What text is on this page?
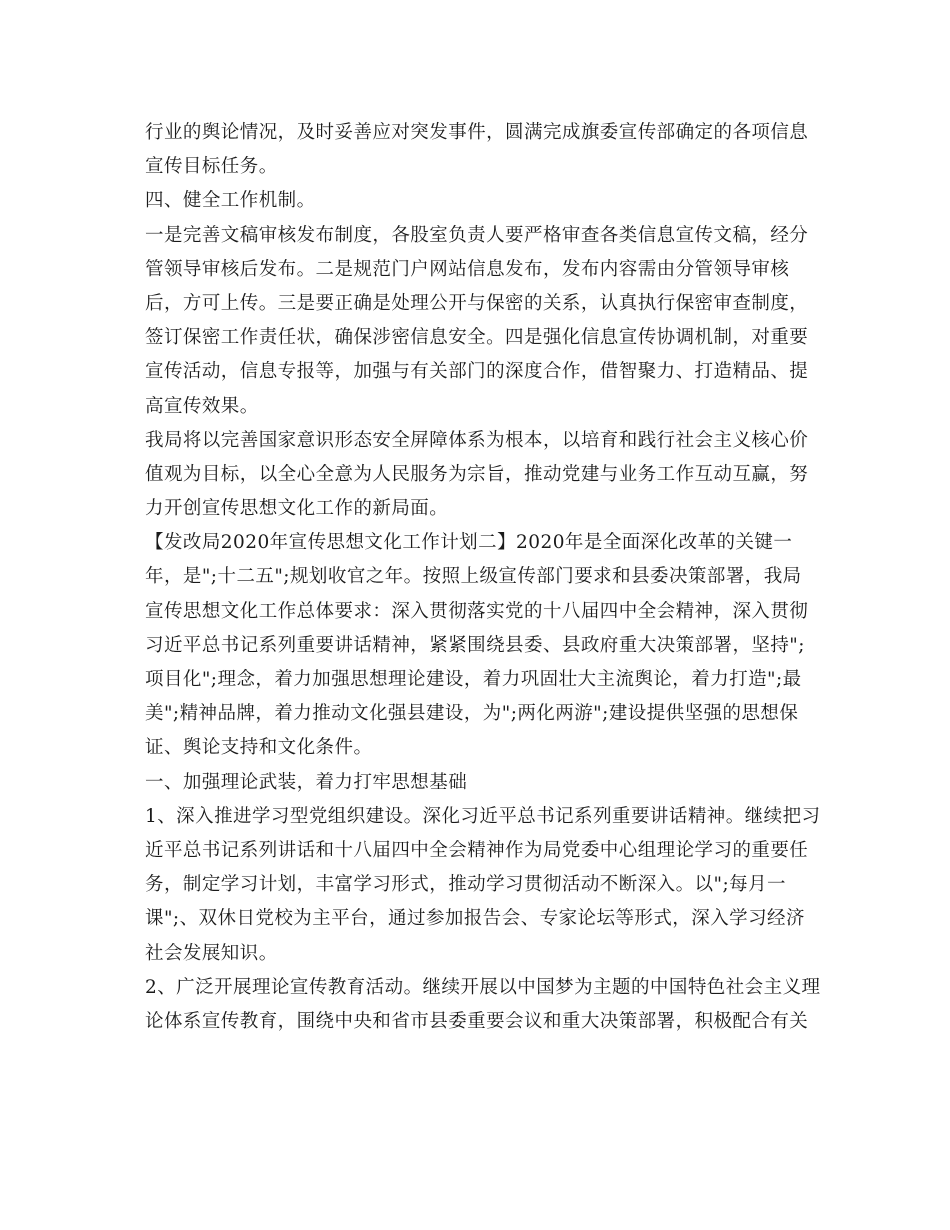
行业的舆论情况，及时妥善应对突发事件，圆满完成旗委宣传部确定的各项信息
宣传目标任务。
四、健全工作机制。
一是完善文稿审核发布制度，各股室负责人要严格审查各类信息宣传文稿，经分
管领导审核后发布。二是规范门户网站信息发布，发布内容需由分管领导审核
后，方可上传。三是要正确是处理公开与保密的关系，认真执行保密审查制度，
签订保密工作责任状，确保涉密信息安全。四是强化信息宣传协调机制，对重要
宣传活动，信息专报等，加强与有关部门的深度合作，借智聚力、打造精品、提
高宣传效果。
我局将以完善国家意识形态安全屏障体系为根本，以培育和践行社会主义核心价
值观为目标，以全心全意为人民服务为宗旨，推动党建与业务工作互动互赢，努
力开创宣传思想文化工作的新局面。
【发改局2020年宣传思想文化工作计划二】2020年是全面深化改革的关键一
年，是";十二五";规划收官之年。按照上级宣传部门要求和县委决策部署，我局
宣传思想文化工作总体要求：深入贯彻落实党的十八届四中全会精神，深入贯彻
习近平总书记系列重要讲话精神，紧紧围绕县委、县政府重大决策部署，坚持";
项目化";理念，着力加强思想理论建设，着力巩固壮大主流舆论，着力打造";最
美";精神品牌，着力推动文化强县建设，为";两化两游";建设提供坚强的思想保
证、舆论支持和文化条件。
一、加强理论武装，着力打牢思想基础
1、深入推进学习型党组织建设。深化习近平总书记系列重要讲话精神。继续把习
近平总书记系列讲话和十八届四中全会精神作为局党委中心组理论学习的重要任
务，制定学习计划，丰富学习形式，推动学习贯彻活动不断深入。以";每月一
课";、双休日党校为主平台，通过参加报告会、专家论坛等形式，深入学习经济
社会发展知识。
2、广泛开展理论宣传教育活动。继续开展以中国梦为主题的中国特色社会主义理
论体系宣传教育，围绕中央和省市县委重要会议和重大决策部署，积极配合有关
